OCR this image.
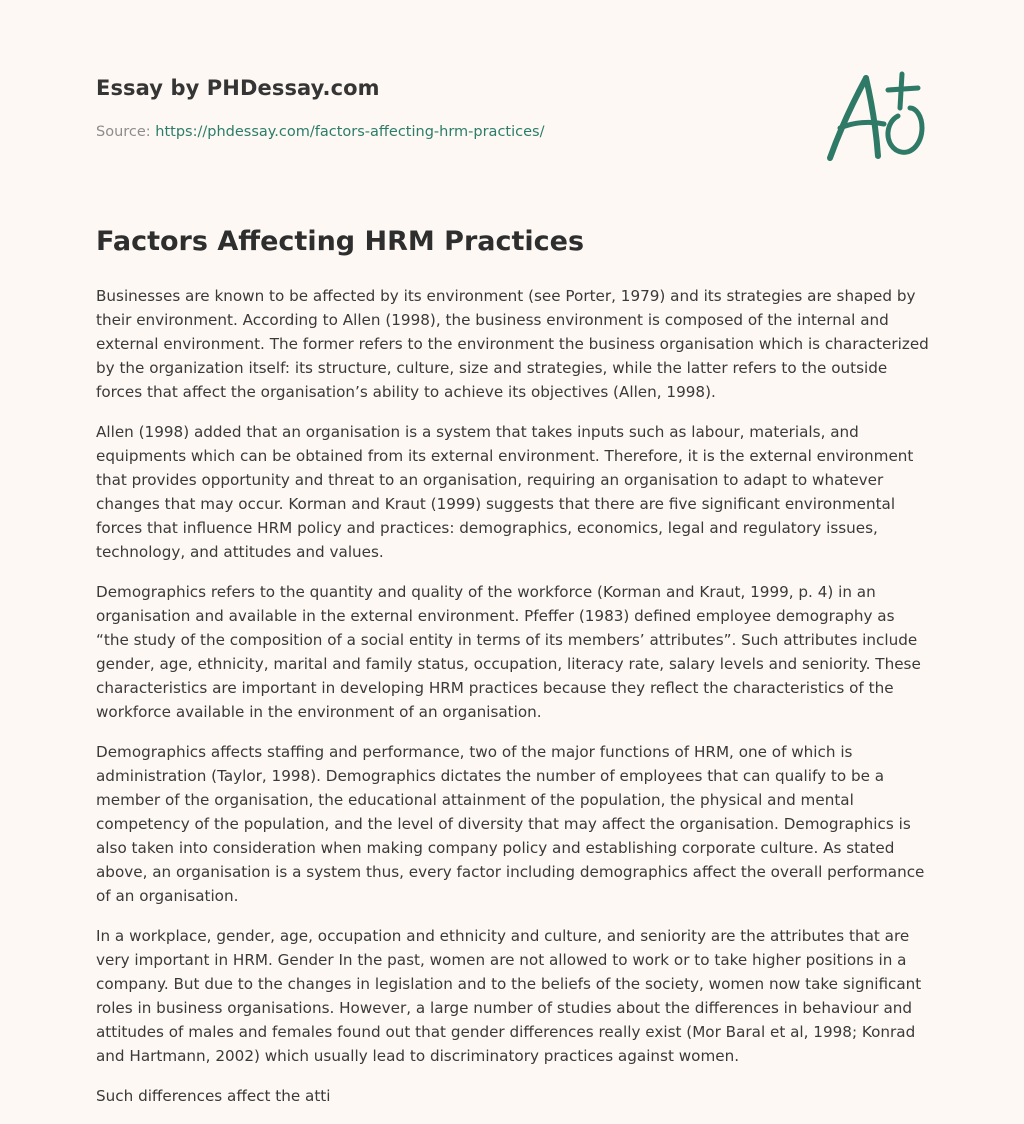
Essay by PHDessay.com

Source: https://phdessay.com/factors-affecting-hrm-practices/

Factors Affecting HRM Practices

Businesses are known to be affected by its environment (see Porter, 1979) and its strategies are shaped by their environment. According to Allen (1998), the business environment is composed of the internal and external environment. The former refers to the environment the business organisation which is characterized by the organization itself: its structure, culture, size and strategies, while the latter refers to the outside forces that affect the organisation’s ability to achieve its objectives (Allen, 1998).

Allen (1998) added that an organisation is a system that takes inputs such as labour, materials, and equipments which can be obtained from its external environment. Therefore, it is the external environment that provides opportunity and threat to an organisation, requiring an organisation to adapt to whatever changes that may occur. Korman and Kraut (1999) suggests that there are five significant environmental forces that influence HRM policy and practices: demographics, economics, legal and regulatory issues, technology, and attitudes and values.

Demographics refers to the quantity and quality of the workforce (Korman and Kraut, 1999, p. 4) in an organisation and available in the external environment. Pfeffer (1983) defined employee demography as “the study of the composition of a social entity in terms of its members’ attributes”. Such attributes include gender, age, ethnicity, marital and family status, occupation, literacy rate, salary levels and seniority. These characteristics are important in developing HRM practices because they reflect the characteristics of the workforce available in the environment of an organisation.

Demographics affects staffing and performance, two of the major functions of HRM, one of which is administration (Taylor, 1998). Demographics dictates the number of employees that can qualify to be a member of the organisation, the educational attainment of the population, the physical and mental competency of the population, and the level of diversity that may affect the organisation. Demographics is also taken into consideration when making company policy and establishing corporate culture. As stated above, an organisation is a system thus, every factor including demographics affect the overall performance of an organisation.

In a workplace, gender, age, occupation and ethnicity and culture, and seniority are the attributes that are very important in HRM. Gender In the past, women are not allowed to work or to take higher positions in a company. But due to the changes in legislation and to the beliefs of the society, women now take significant roles in business organisations. However, a large number of studies about the differences in behaviour and attitudes of males and females found out that gender differences really exist (Mor Baral et al, 1998; Konrad and Hartmann, 2002) which usually lead to discriminatory practices against women.

Such differences affect the atti
